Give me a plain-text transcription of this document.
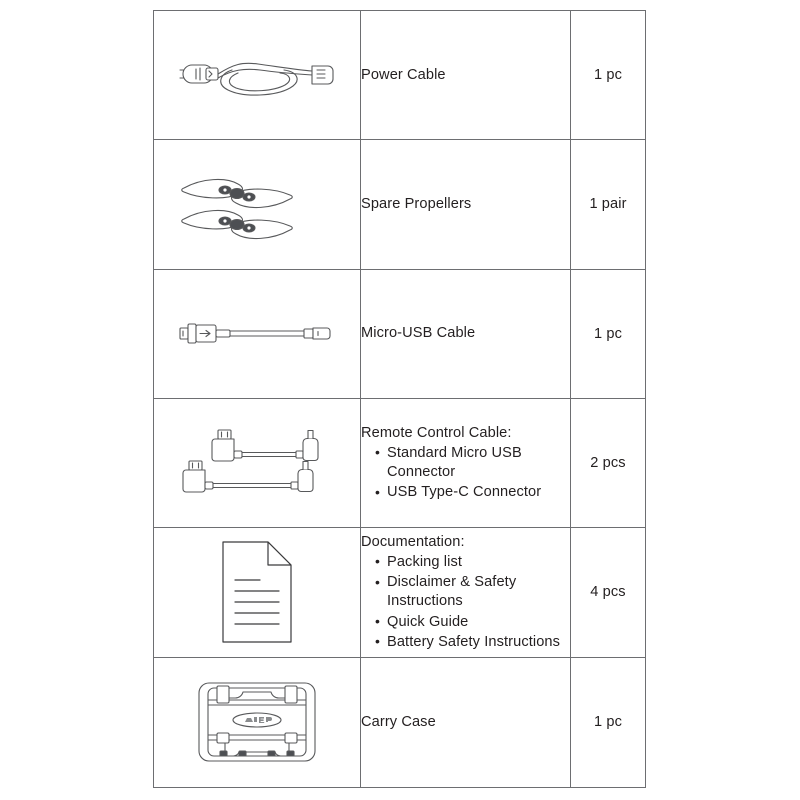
Power Cable	1 pc

Spare Propellers	1 pair

Micro-USB Cable	1 pc

Remote Control Cable:
• Standard Micro USB Connector
• USB Type-C Connector
	2 pcs

Documentation:
• Packing list
• Disclaimer & Safety Instructions
• Quick Guide
• Battery Safety Instructions
	4 pcs

Carry Case	1 pc
